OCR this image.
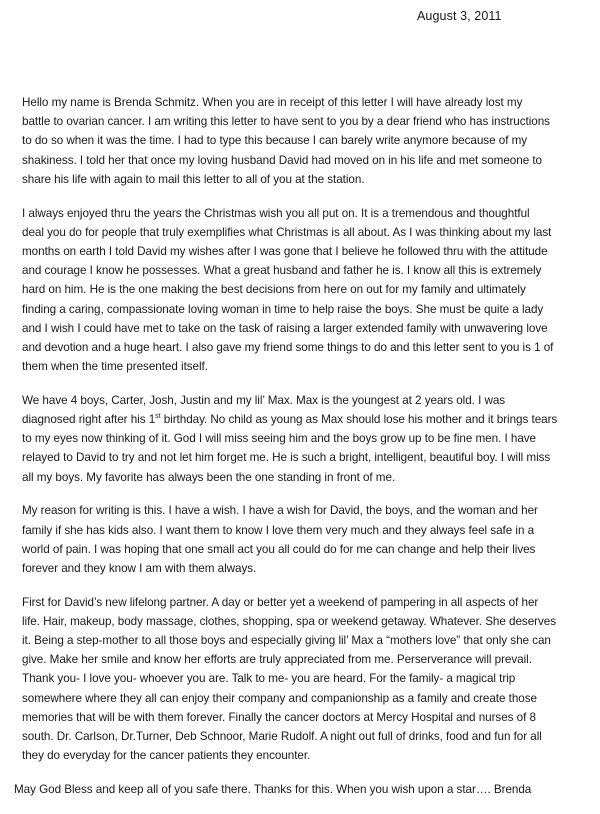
August 3, 2011
Hello my name is Brenda Schmitz. When you are in receipt of this letter I will have already lost my
battle to ovarian cancer. I am writing this letter to have sent to you by a dear friend who has instructions
to do so when it was the time. I had to type this because I can barely write anymore because of my
shakiness. I told her that once my loving husband David had moved on in his life and met someone to
share his life with again to mail this letter to all of you at the station.
I always enjoyed thru the years the Christmas wish you all put on. It is a tremendous and thoughtful
deal you do for people that truly exemplifies what Christmas is all about. As I was thinking about my last
months on earth I told David my wishes after I was gone that I believe he followed thru with the attitude
and courage I know he possesses. What a great husband and father he is. I know all this is extremely
hard on him. He is the one making the best decisions from here on out for my family and ultimately
finding a caring, compassionate loving woman in time to help raise the boys. She must be quite a lady
and I wish I could have met to take on the task of raising a larger extended family with unwavering love
and devotion and a huge heart. I also gave my friend some things to do and this letter sent to you is 1 of
them when the time presented itself.
We have 4 boys, Carter, Josh, Justin and my lil’ Max. Max is the youngest at 2 years old. I was
diagnosed right after his 1st birthday. No child as young as Max should lose his mother and it brings tears
to my eyes now thinking of it. God I will miss seeing him and the boys grow up to be fine men. I have
relayed to David to try and not let him forget me. He is such a bright, intelligent, beautiful boy. I will miss
all my boys. My favorite has always been the one standing in front of me.
My reason for writing is this. I have a wish. I have a wish for David, the boys, and the woman and her
family if she has kids also. I want them to know I love them very much and they always feel safe in a
world of pain. I was hoping that one small act you all could do for me can change and help their lives
forever and they know I am with them always.
First for David’s new lifelong partner. A day or better yet a weekend of pampering in all aspects of her
life. Hair, makeup, body massage, clothes, shopping, spa or weekend getaway. Whatever. She deserves
it. Being a step-mother to all those boys and especially giving lil’ Max a “mothers love” that only she can
give. Make her smile and know her efforts are truly appreciated from me. Perserverance will prevail.
Thank you- I love you- whoever you are. Talk to me- you are heard. For the family- a magical trip
somewhere where they all can enjoy their company and companionship as a family and create those
memories that will be with them forever. Finally the cancer doctors at Mercy Hospital and nurses of 8
south. Dr. Carlson, Dr.Turner, Deb Schnoor, Marie Rudolf. A night out full of drinks, food and fun for all
they do everyday for the cancer patients they encounter.
May God Bless and keep all of you safe there. Thanks for this. When you wish upon a star…. Brenda
